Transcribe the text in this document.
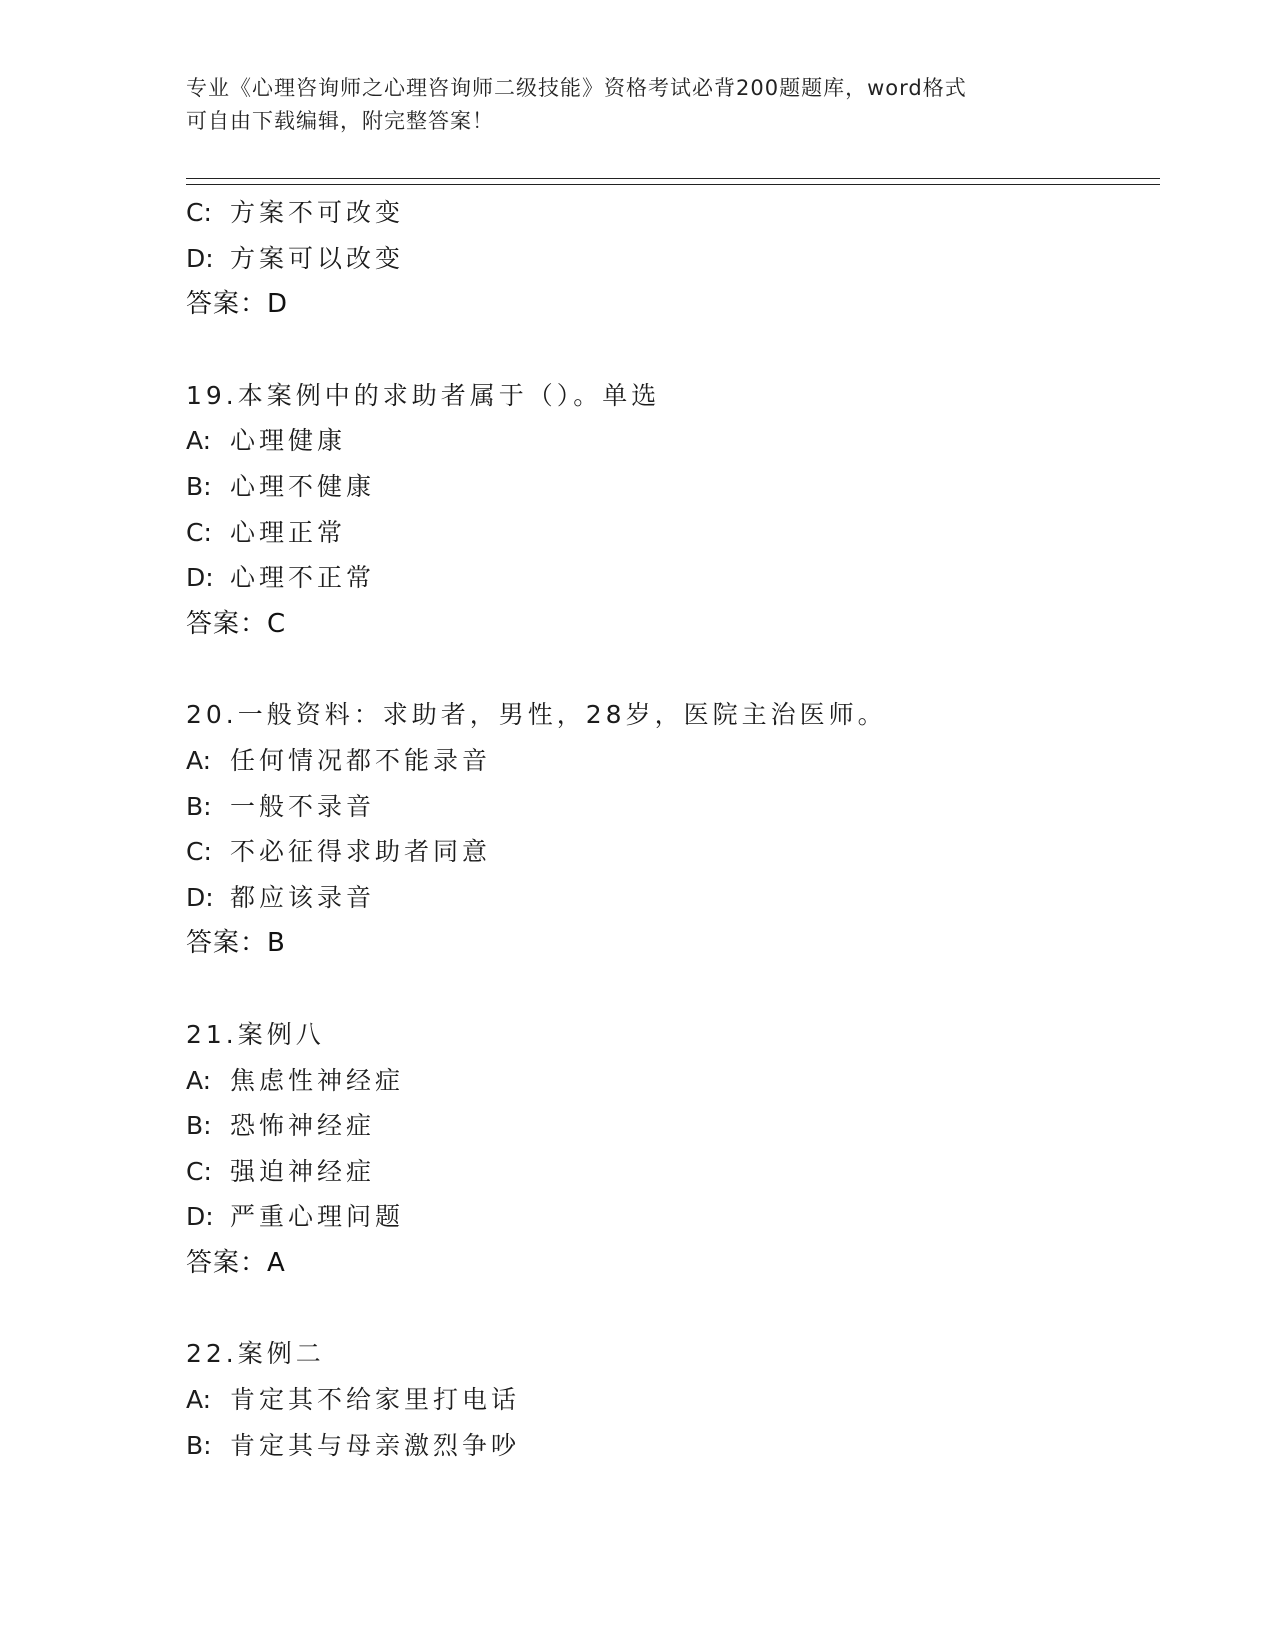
专业《心理咨询师之心理咨询师二级技能》资格考试必背200题题库，word格式
可自由下载编辑，附完整答案！
C: 方案不可改变
D: 方案可以改变
答案：D
19.本案例中的求助者属于（）。单选
A: 心理健康
B: 心理不健康
C: 心理正常
D: 心理不正常
答案：C
20.一般资料：求助者，男性，28岁，医院主治医师。
A: 任何情况都不能录音
B: 一般不录音
C: 不必征得求助者同意
D: 都应该录音
答案：B
21.案例八
A: 焦虑性神经症
B: 恐怖神经症
C: 强迫神经症
D: 严重心理问题
答案：A
22.案例二
A: 肯定其不给家里打电话
B: 肯定其与母亲激烈争吵
